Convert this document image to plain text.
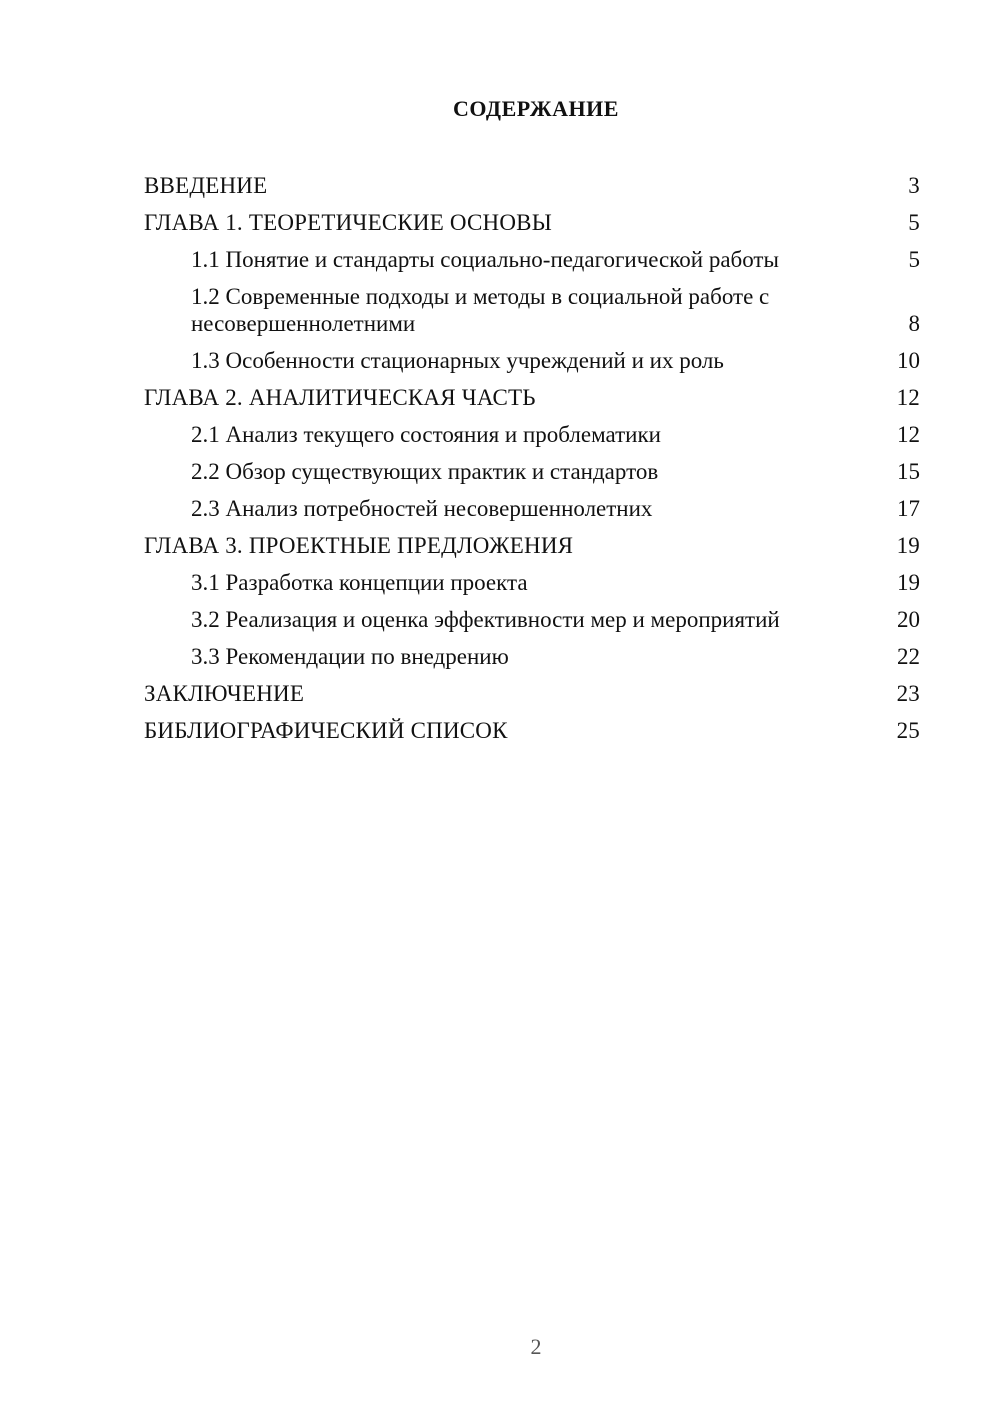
СОДЕРЖАНИЕ
ВВЕДЕНИЕ	3
ГЛАВА 1. ТЕОРЕТИЧЕСКИЕ ОСНОВЫ	5
1.1 Понятие и стандарты социально-педагогической работы	5
1.2 Современные подходы и методы в социальной работе с несовершеннолетними	8
1.3 Особенности стационарных учреждений и их роль	10
ГЛАВА 2. АНАЛИТИЧЕСКАЯ ЧАСТЬ	12
2.1 Анализ текущего состояния и проблематики	12
2.2 Обзор существующих практик и стандартов	15
2.3 Анализ потребностей несовершеннолетних	17
ГЛАВА 3. ПРОЕКТНЫЕ ПРЕДЛОЖЕНИЯ	19
3.1 Разработка концепции проекта	19
3.2 Реализация и оценка эффективности мер и мероприятий	20
3.3 Рекомендации по внедрению	22
ЗАКЛЮЧЕНИЕ	23
БИБЛИОГРАФИЧЕСКИЙ СПИСОК	25
2
